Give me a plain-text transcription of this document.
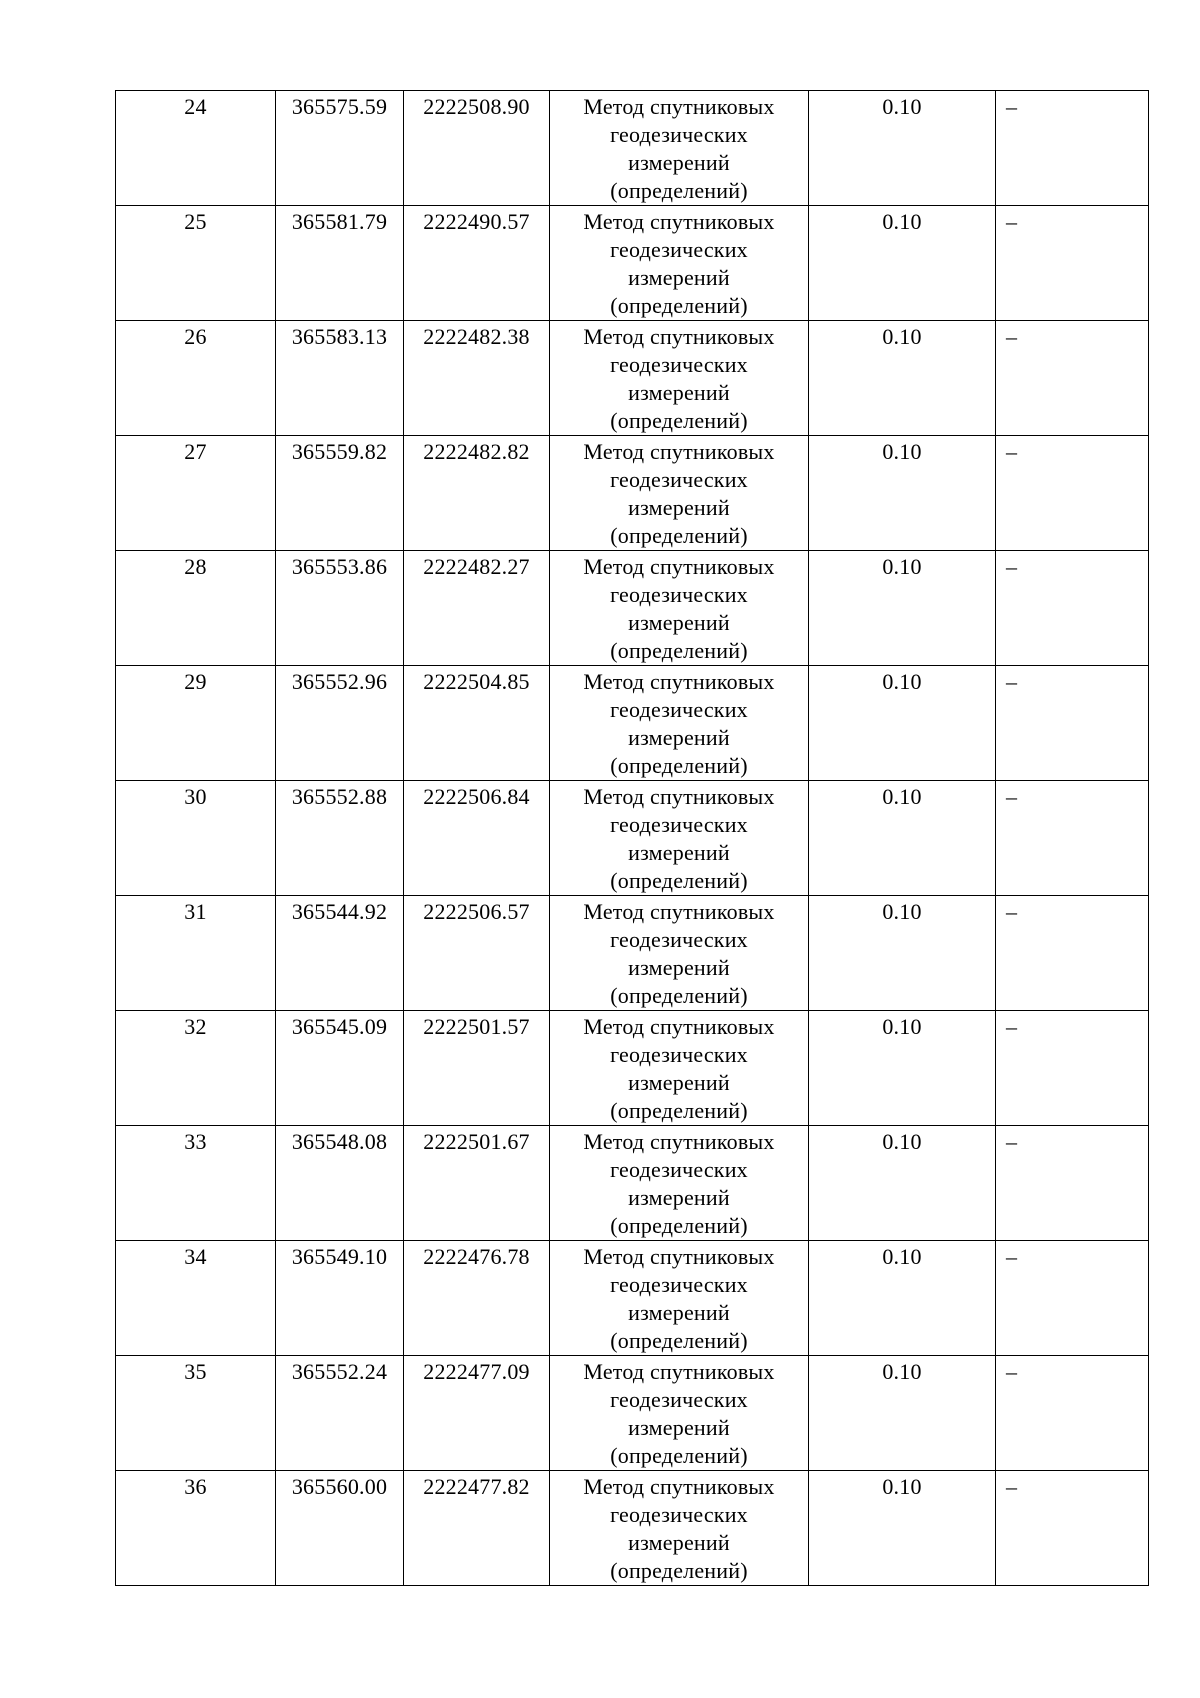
24	365575.59	2222508.90	Метод спутниковых
геодезических
измерений
(определений)	0.10	–
25	365581.79	2222490.57	Метод спутниковых
геодезических
измерений
(определений)	0.10	–
26	365583.13	2222482.38	Метод спутниковых
геодезических
измерений
(определений)	0.10	–
27	365559.82	2222482.82	Метод спутниковых
геодезических
измерений
(определений)	0.10	–
28	365553.86	2222482.27	Метод спутниковых
геодезических
измерений
(определений)	0.10	–
29	365552.96	2222504.85	Метод спутниковых
геодезических
измерений
(определений)	0.10	–
30	365552.88	2222506.84	Метод спутниковых
геодезических
измерений
(определений)	0.10	–
31	365544.92	2222506.57	Метод спутниковых
геодезических
измерений
(определений)	0.10	–
32	365545.09	2222501.57	Метод спутниковых
геодезических
измерений
(определений)	0.10	–
33	365548.08	2222501.67	Метод спутниковых
геодезических
измерений
(определений)	0.10	–
34	365549.10	2222476.78	Метод спутниковых
геодезических
измерений
(определений)	0.10	–
35	365552.24	2222477.09	Метод спутниковых
геодезических
измерений
(определений)	0.10	–
36	365560.00	2222477.82	Метод спутниковых
геодезических
измерений
(определений)	0.10	–
